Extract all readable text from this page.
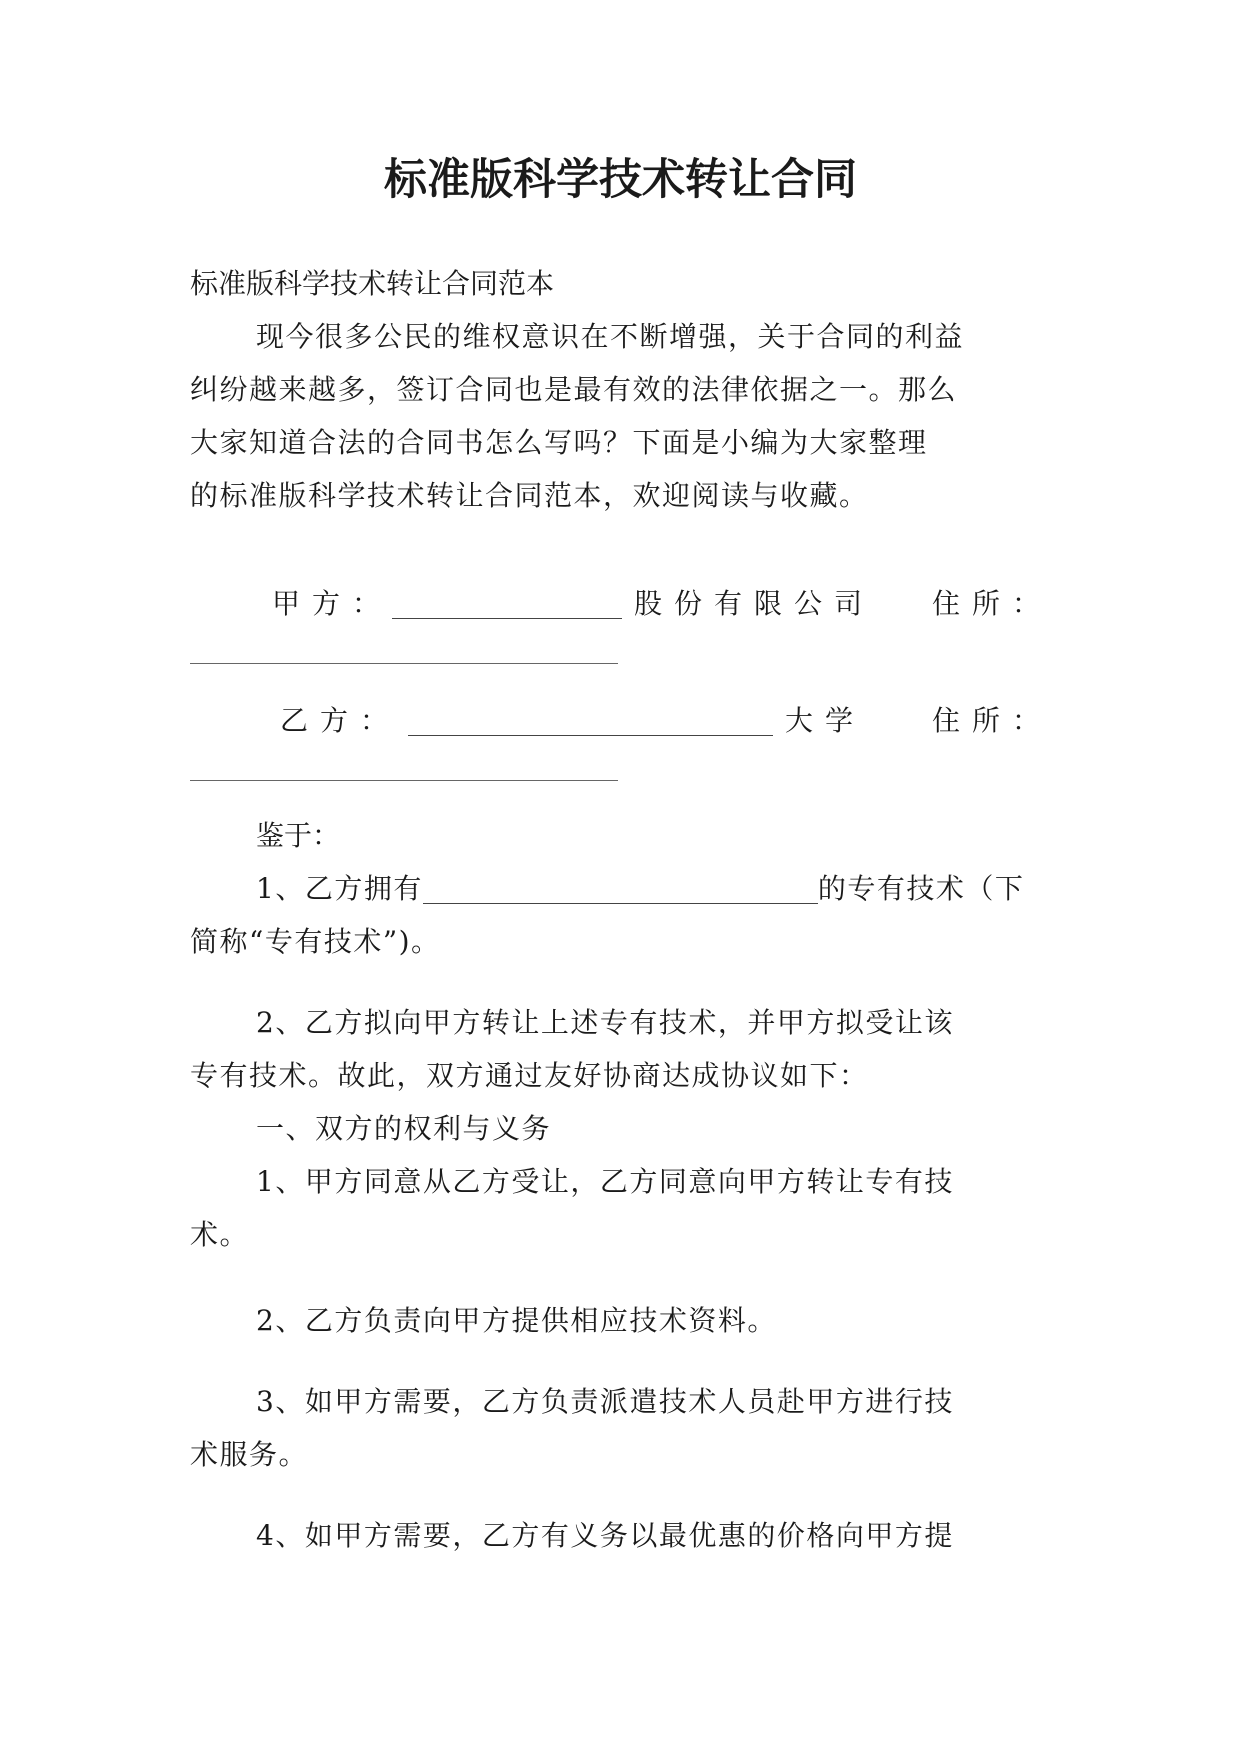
标准版科学技术转让合同
标准版科学技术转让合同范本
现今很多公民的维权意识在不断增强，关于合同的利益
纠纷越来越多，签订合同也是最有效的法律依据之一。那么
大家知道合法的合同书怎么写吗？下面是小编为大家整理
的标准版科学技术转让合同范本，欢迎阅读与收藏。
甲方：	股份有限公司 住所：
乙方：	大学 住所：
鉴于：
1、乙方拥有	的专有技术（下
简称“专有技术”)。
2、乙方拟向甲方转让上述专有技术，并甲方拟受让该
专有技术。故此，双方通过友好协商达成协议如下：
一、双方的权利与义务
1、甲方同意从乙方受让，乙方同意向甲方转让专有技
术。
2、乙方负责向甲方提供相应技术资料。
3、如甲方需要，乙方负责派遣技术人员赴甲方进行技
术服务。
4、如甲方需要，乙方有义务以最优惠的价格向甲方提
